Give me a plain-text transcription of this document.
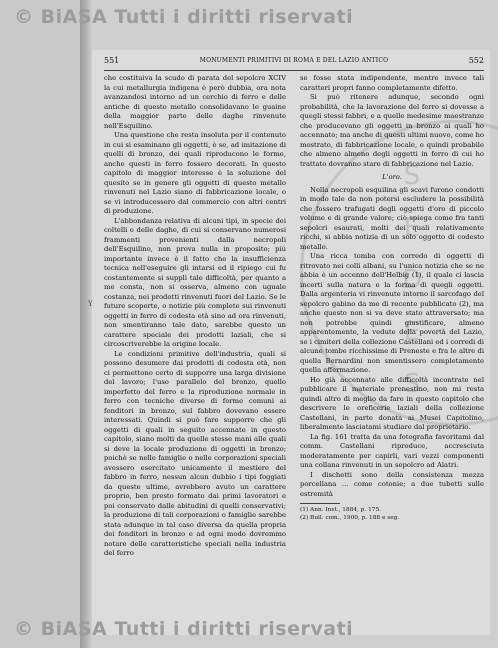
S E D E S
© BiASA Tutti i diritti riservati
© BiASA Tutti i diritti riservati
551	MONUMENTI PRIMITIVI DI ROMA E DEL LAZIO ANTICO	552
Y

che costituiva la scudo di parata del sepolcro XCIV la cui metallurgia indigena è però dubbia, ora nota avanzandosi intorno ad un cerchio di ferro e delle antiche di questo metallo consolidavano le guaine della maggior parte delle daghe rinvenute nell'Esquilino.

Una questione che resta insoluta per il contenuto in cui si esaminano gli oggetti, è se, ad imitazione di quelli di bronzo, dei quali riproducono le forme, anche questi in ferro fossero decorati. In questo capitolo di maggior interesse è la soluzione del quesito se in genere gli oggetti di questo metallo rinvenuti nel Lazio siano di fabbricazione locale, o se vi introducessero dal commercio con altri centri di produzione.

L'abbondanza relativa di alcuni tipi, in specie dei coltelli e delle daghe, di cui si conservano numerosi frammenti provenienti dalla necropoli dell'Esquilino, non prova nulla in proposito; più importante invece è il fatto che la insufficienza tecnica nell'eseguire gli intarsi ed il ripiego cui fu costantemente si supplì tale difficoltà, per quanto a me consta, non si osserva, almeno con uguale costanza, nei prodotti rinvenuti fuori del Lazio. Se le future scoperte, o notizie più complete sui rinvenuti oggetti in ferro di codesta età sino ad ora rinvenuti, non smentiranno tale dato, sarebbe questo un carattere speciale dei prodotti laziali, che si circoscriverebbe la origine locale.

Le condizioni primitive dell'industria, quali si possono desumere dai prodotti di codesta età, non ci permettono certo di supporre una larga divisione del lavoro; l'uso parallelo del bronzo, quello imperfetto del ferro e la riproduzione normale in ferro con tecniche diverse di forme comuni ai fonditori in bronzo, sul fabbro dovevano essere interessati. Quindi si può fare supporre che gli oggetti di quali in seguito accennate in questo capitolo, siano molti da quelle stesse mani alle quali si deve la locale produzione di oggetti in bronzo; poichè se nelle famiglie o nelle corporazioni speciali avessero esercitato unicamente il mestiere del fabbro in ferro, nessun alcun dubbio i tipi foggiati da queste ultime, avrebbero avuto un carattere proprio, ben presto formato dai primi lavoratori e poi conservato dalle abitudini di quelli conservativi; la produzione di tali corporazioni o famiglie sarebbe stata adunque in tal caso diversa da quella propria dei fonditori in bronzo e ad ogni modo dovremmo notare delle caratteristiche speciali nella industria del ferro

se fosse stata indipendente, mentre invece tali caratteri propri fanno completamente difetto.

Si può ritenere adunque, secondo ogni probabilità, che la lavorazione del ferro si dovesse a quegli stessi fabbri, e a quelle medesime maestranze che producevano gli oggetti in bronzo ai quali ho accennato; ma anche di questi ultimi nuovo, come ho mostrato, di fabbricazione locale, e quindi probabile che almeno almeno degli oggetti in ferro di cui ho trattato dovranno stare di fabbricazione nel Lazio.

L'oro.

Nella necropoli esquilina gli scavi furono condotti in modo tale da non potersi escludere la possibilità che fossero trafugati degli oggetti d'oro di piccolo volume e di grande valore; ciò spiega come fra tanti sepolcri esaurati, molti dei quali relativamente ricchi, si abbia notizia di un solo oggetto di codesto metallo.

Una ricca tomba con corredo di oggetti di ritrovato nei colli albani, su l'unica notizia che se ne abbia è un accenno dell'Helbig (1), il quale ci lascia incerti sulla natura e la forma di quegli oggetti. Dalla argenteria vi rinvenute intorno il sarcofago del sepolcro gabino da me di recente pubblicato (2), ma anche questo non si va deve stato attraversato; ma non potrebbe quindi giustificare, almeno apparentemente, la vedute della povertà del Lazio, se i cimiteri della collezione Castellani ed i corredi di alcune tombe ricchissime di Preneste e fra le altre di quella Bernardini non smentissero completamente quella affermazione.

Ho già accennato alle difficoltà incontrate nel pubblicare il materiale prenestino, non mi resta quindi altro di meglio da fare in questo capitolo che descrivere le oreficerie laziali della collezione Castellani, in parte donata ai Musei Capitolino, liberalmente lasciatami studiare dal proprietario.

La fig. 161 tratta da una fotografia favoritami dal comm. Castellani riproduce, accresciuta moderatamente per capirli, vari vezzi componenti una collana rinvenuti in un sepolcro ad Alatri.

I dischetti sono della consistenza mezza porcellana ... come cotonie; a due tubetti sulle estremità

(1) Ann. Inst., 1884, p. 175.

(2) Bull. com., 1900, p. 188 e seg.
